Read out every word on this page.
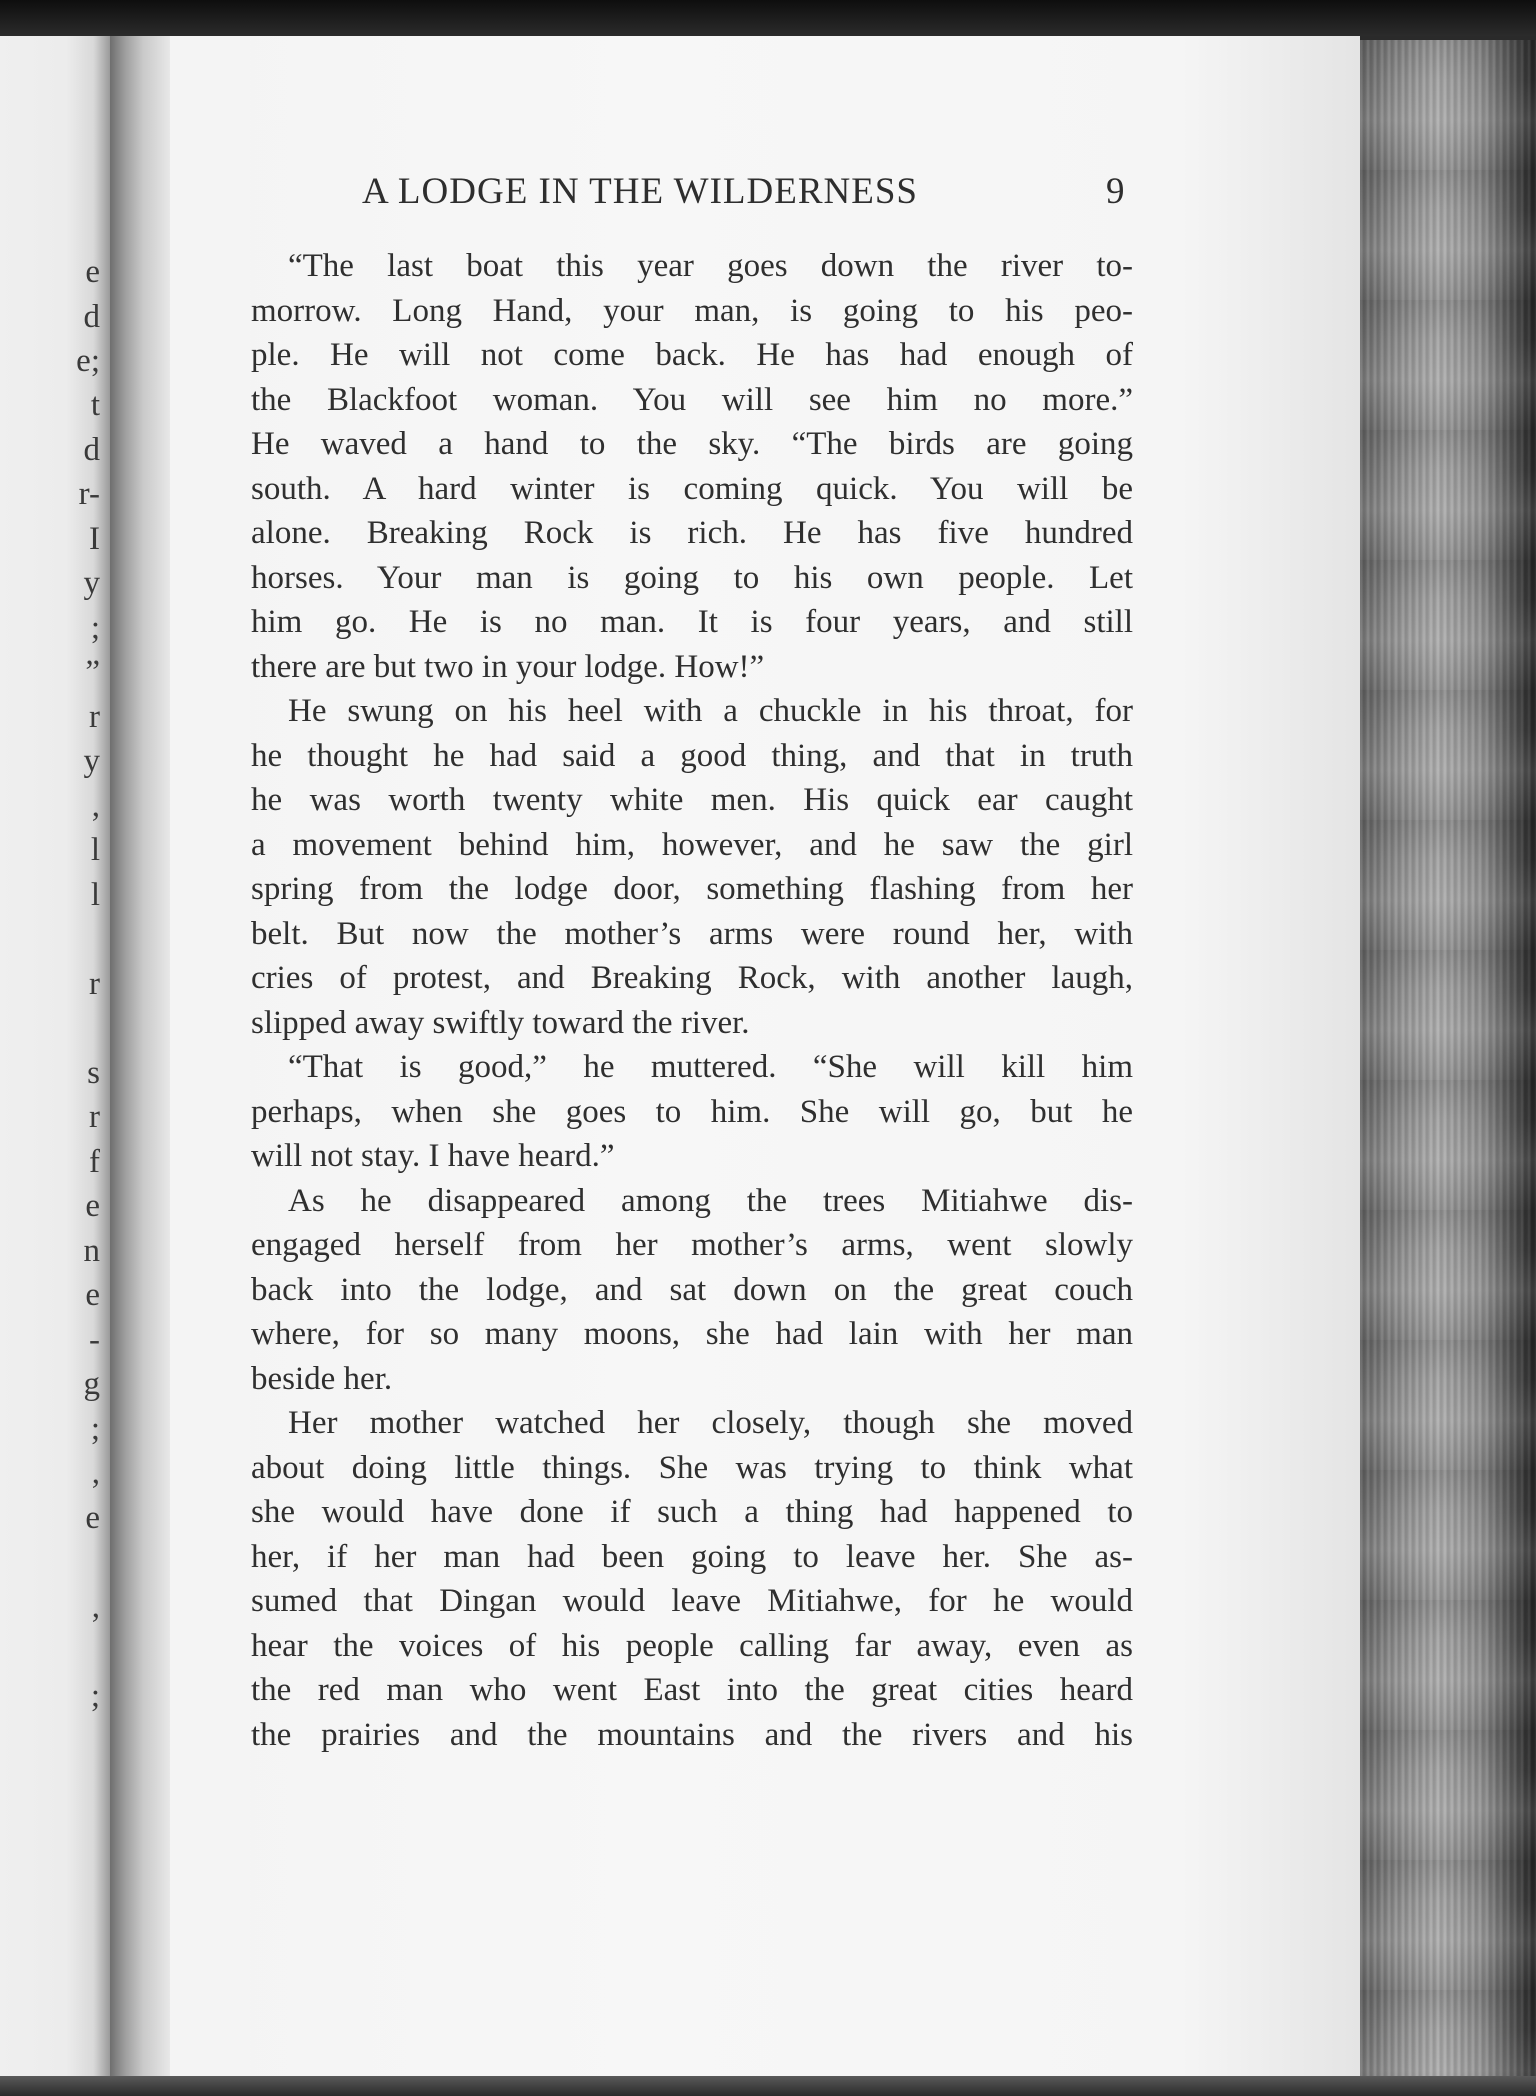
e
d
e;
t
d
r-
I
y
;
”
r
y
,
l
l
r
s
r
f
e
n
e
-
g
;
,
e
,
;
A LODGE IN THE WILDERNESS	9
“The last boat this year goes down the river to-
morrow. Long Hand, your man, is going to his peo-
ple. He will not come back. He has had enough of
the Blackfoot woman. You will see him no more.”
He waved a hand to the sky. “The birds are going
south. A hard winter is coming quick. You will be
alone. Breaking Rock is rich. He has five hundred
horses. Your man is going to his own people. Let
him go. He is no man. It is four years, and still
there are but two in your lodge. How!”
He swung on his heel with a chuckle in his throat, for
he thought he had said a good thing, and that in truth
he was worth twenty white men. His quick ear caught
a movement behind him, however, and he saw the girl
spring from the lodge door, something flashing from her
belt. But now the mother’s arms were round her, with
cries of protest, and Breaking Rock, with another laugh,
slipped away swiftly toward the river.
“That is good,” he muttered. “She will kill him
perhaps, when she goes to him. She will go, but he
will not stay. I have heard.”
As he disappeared among the trees Mitiahwe dis-
engaged herself from her mother’s arms, went slowly
back into the lodge, and sat down on the great couch
where, for so many moons, she had lain with her man
beside her.
Her mother watched her closely, though she moved
about doing little things. She was trying to think what
she would have done if such a thing had happened to
her, if her man had been going to leave her. She as-
sumed that Dingan would leave Mitiahwe, for he would
hear the voices of his people calling far away, even as
the red man who went East into the great cities heard
the prairies and the mountains and the rivers and his
